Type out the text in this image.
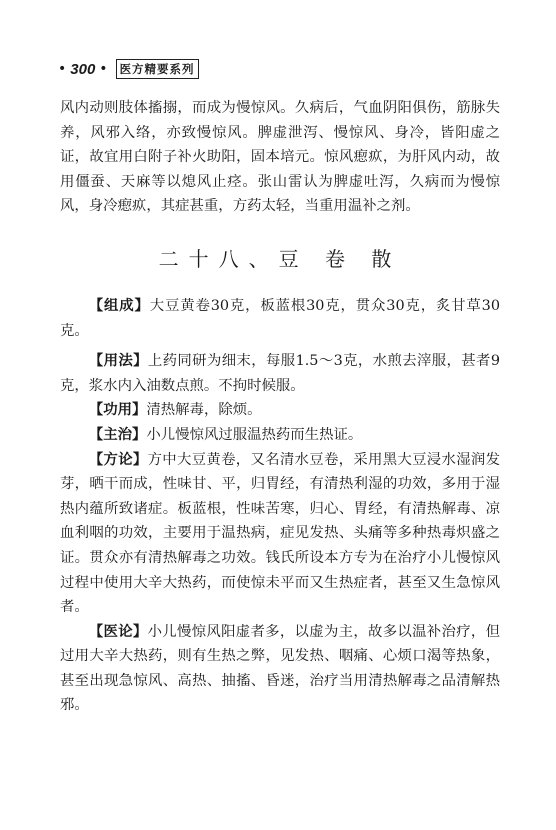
• 300 •	医方精要系列

风内动则肢体搐搦，而成为慢惊风。久病后，气血阴阳俱伤，筋脉失养，风邪入络，亦致慢惊风。脾虚泄泻、慢惊风、身冷，皆阳虚之证，故宜用白附子补火助阳，固本培元。惊风瘛疭，为肝风内动，故用僵蚕、天麻等以熄风止痉。张山雷认为脾虚吐泻，久病而为慢惊风，身冷瘛疭，其症甚重，方药太轻，当重用温补之剂。

二十八、豆 卷 散

【组成】大豆黄卷30克，板蓝根30克，贯众30克，炙甘草30克。

【用法】上药同研为细末，每服1.5～3克，水煎去滓服，甚者9克，浆水内入油数点煎。不拘时候服。

【功用】清热解毒，除烦。

【主治】小儿慢惊风过服温热药而生热证。

【方论】方中大豆黄卷，又名清水豆卷，采用黑大豆浸水湿润发芽，晒干而成，性味甘、平，归胃经，有清热利湿的功效，多用于湿热内蕴所致诸症。板蓝根，性味苦寒，归心、胃经，有清热解毒、凉血利咽的功效，主要用于温热病，症见发热、头痛等多种热毒炽盛之证。贯众亦有清热解毒之功效。钱氏所设本方专为在治疗小儿慢惊风过程中使用大辛大热药，而使惊未平而又生热症者，甚至又生急惊风者。

【医论】小儿慢惊风阳虚者多，以虚为主，故多以温补治疗，但过用大辛大热药，则有生热之弊，见发热、咽痛、心烦口渴等热象，甚至出现急惊风、高热、抽搐、昏迷，治疗当用清热解毒之品清解热邪。
